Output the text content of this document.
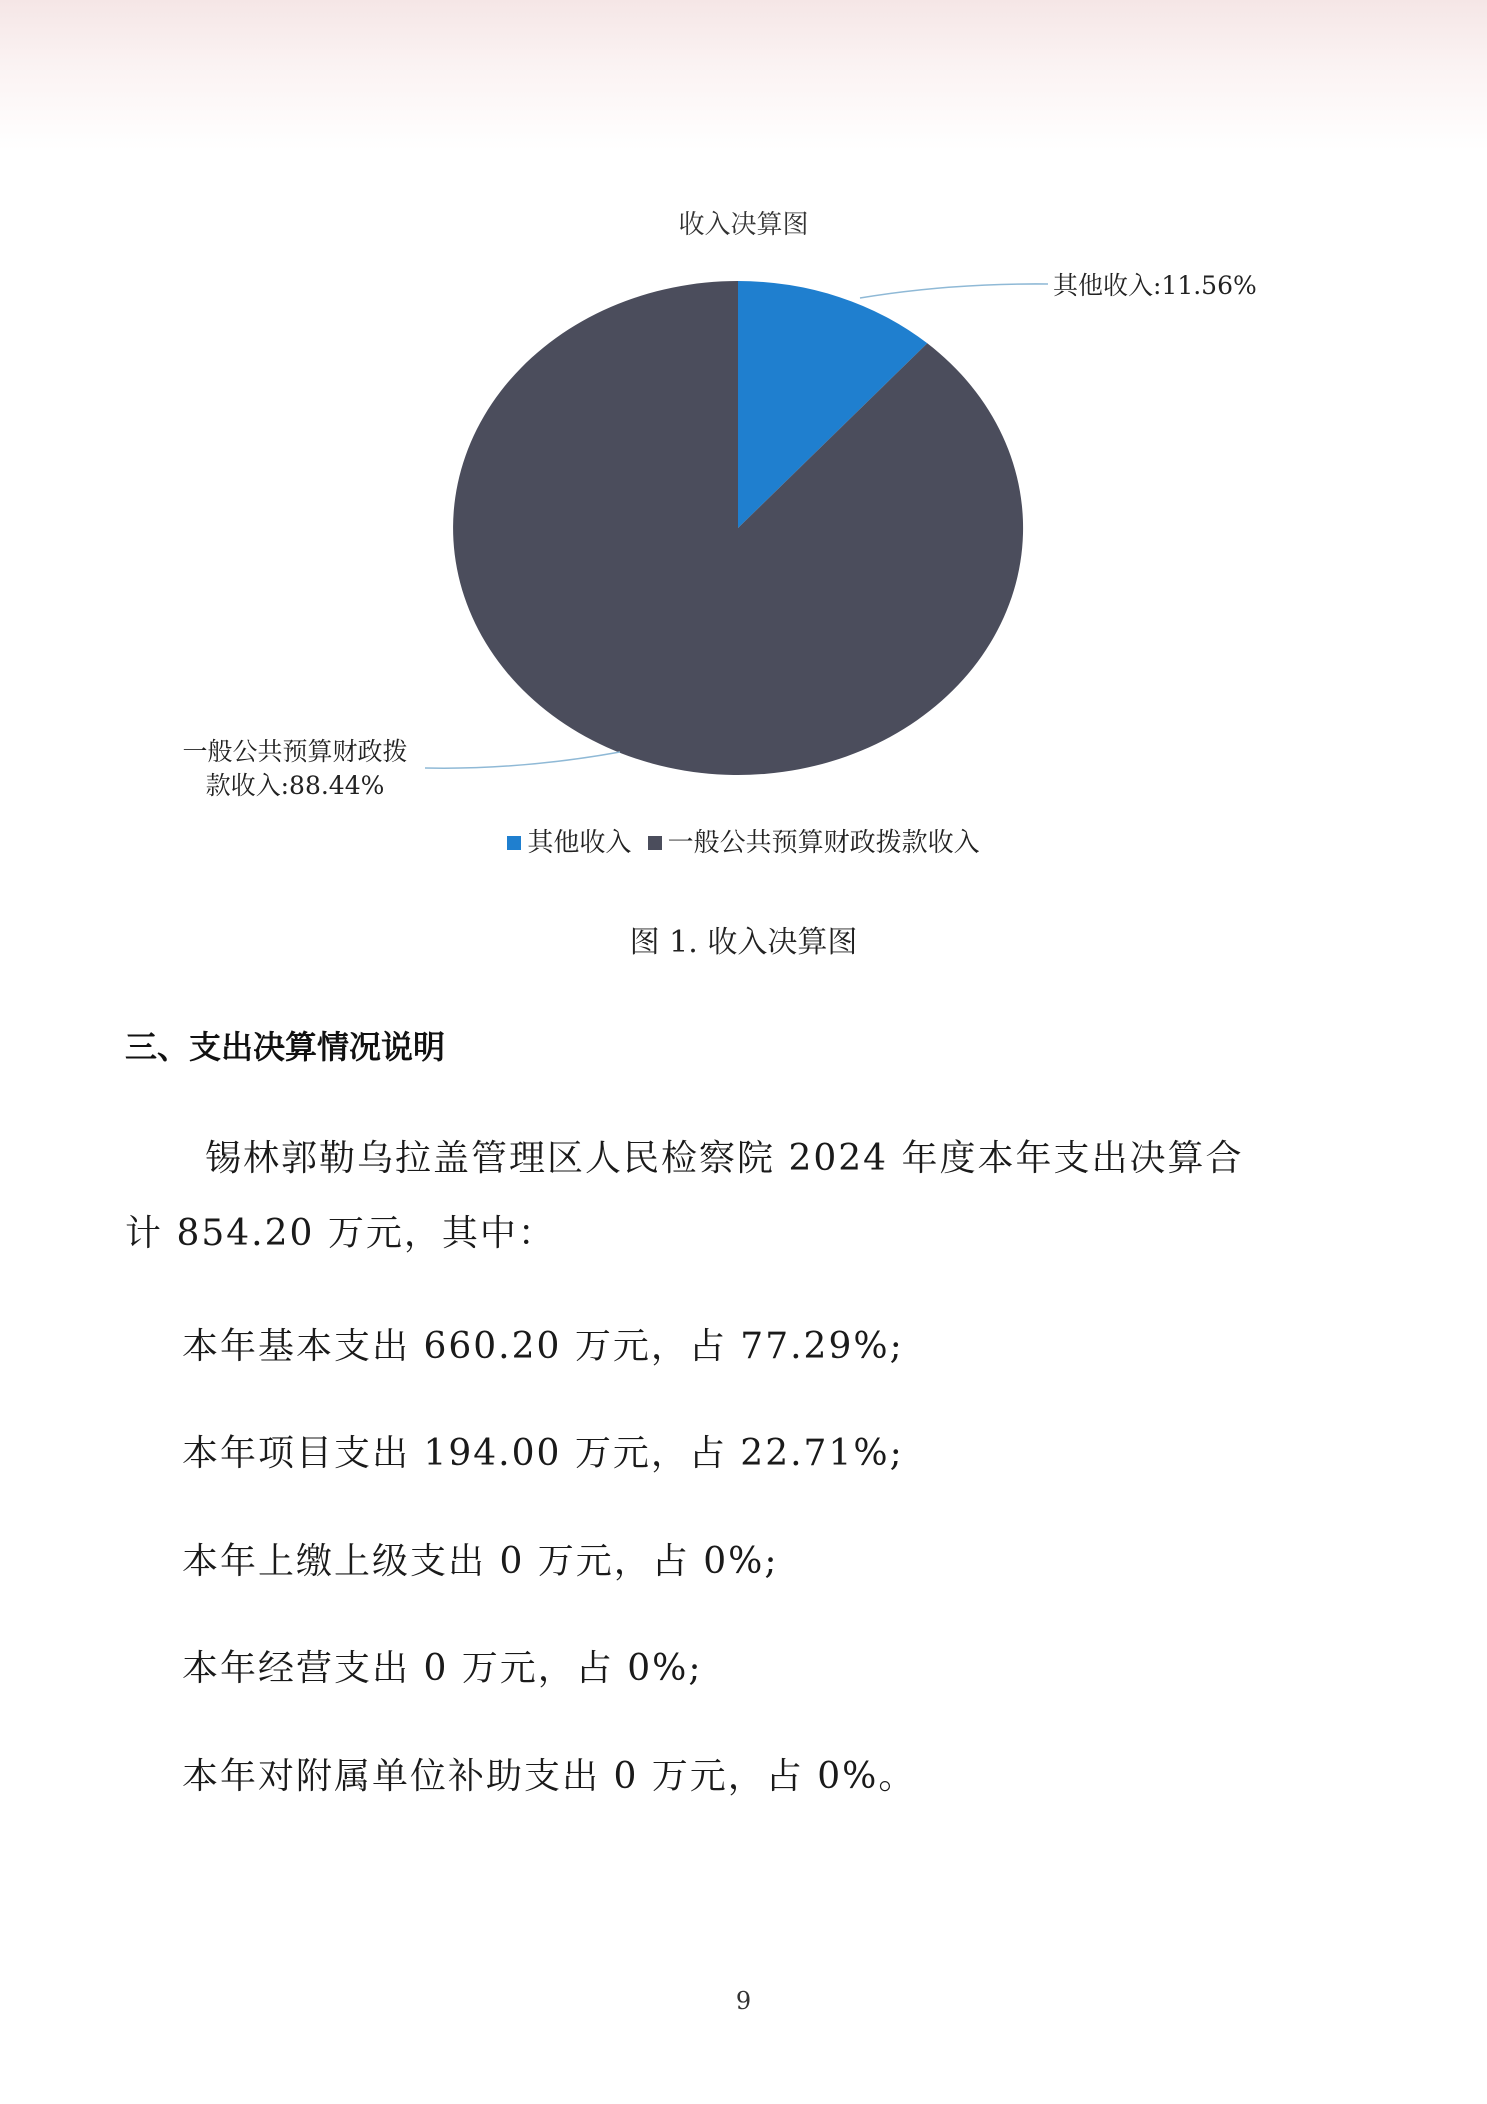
收入决算图
其他收入:11.56%
一般公共预算财政拨
款收入:88.44%
其他收入 一般公共预算财政拨款收入
图 1. 收入决算图
三、支出决算情况说明
锡林郭勒乌拉盖管理区人民检察院 2024 年度本年支出决算合
计 854.20 万元，其中：
本年基本支出 660.20 万元，占 77.29%;
本年项目支出 194.00 万元，占 22.71%;
本年上缴上级支出 0 万元，占 0%;
本年经营支出 0 万元，占 0%;
本年对附属单位补助支出 0 万元，占 0%。
9
